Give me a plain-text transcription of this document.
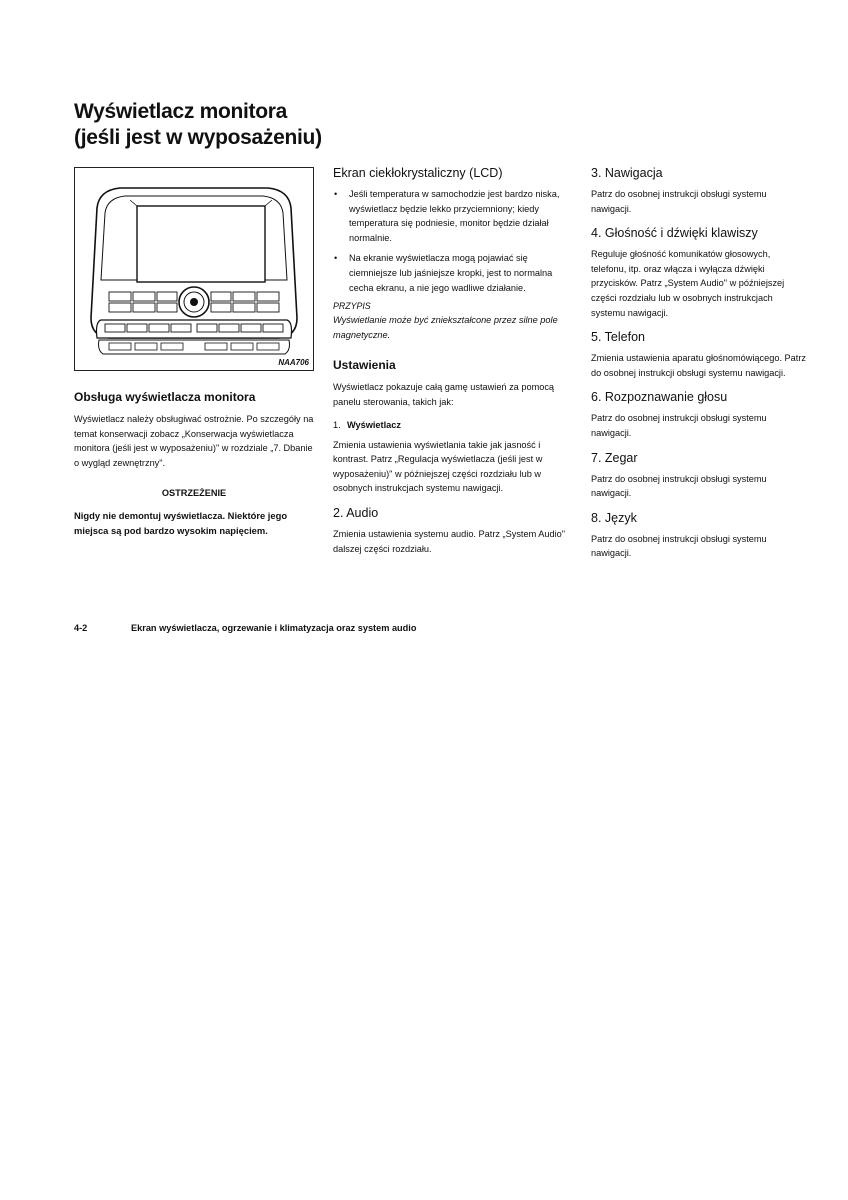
Wyświetlacz monitora (jeśli jest w wyposażeniu)
NAA706
Obsługa wyświetlacza monitora

Wyświetlacz należy obsługiwać ostrożnie. Po szczegóły na temat konserwacji zobacz „Konserwacja wyświetlacza monitora (jeśli jest w wyposażeniu)" w rozdziale „7. Dbanie o wygląd zewnętrzny".

OSTRZEŻENIE

Nigdy nie demontuj wyświetlacza. Niektóre jego miejsca są pod bardzo wysokim napięciem.

Ekran ciekłokrystaliczny (LCD)
• Jeśli temperatura w samochodzie jest bardzo niska, wyświetlacz będzie lekko przyciemniony; kiedy temperatura się podniesie, monitor będzie działał normalnie.
• Na ekranie wyświetlacza mogą pojawiać się ciemniejsze lub jaśniejsze kropki, jest to normalna cecha ekranu, a nie jego wadliwe działanie.
PRZYPIS

Wyświetlanie może być zniekształcone przez silne pole magnetyczne.

Ustawienia

Wyświetlacz pokazuje całą gamę ustawień za pomocą panelu sterowania, takich jak:

1. Wyświetlacz

Zmienia ustawienia wyświetlania takie jak jasność i kontrast. Patrz „Regulacja wyświetlacza (jeśli jest w wyposażeniu)" w późniejszej części rozdziału lub w osobnych instrukcjach systemu nawigacji.

2. Audio

Zmienia ustawienia systemu audio. Patrz „System Audio" dalszej części rozdziału.

3. Nawigacja

Patrz do osobnej instrukcji obsługi systemu nawigacji.

4. Głośność i dźwięki klawiszy

Reguluje głośność komunikatów głosowych, telefonu, itp. oraz włącza i wyłącza dźwięki przycisków. Patrz „System Audio" w późniejszej części rozdziału lub w osobnych instrukcjach systemu nawigacji.

5. Telefon

Zmienia ustawienia aparatu głośnomówiącego. Patrz do osobnej instrukcji obsługi systemu nawigacji.

6. Rozpoznawanie głosu

Patrz do osobnej instrukcji obsługi systemu nawigacji.

7. Zegar

Patrz do osobnej instrukcji obsługi systemu nawigacji.

8. Język

Patrz do osobnej instrukcji obsługi systemu nawigacji.

4-2	Ekran wyświetlacza, ogrzewanie i klimatyzacja oraz system audio
